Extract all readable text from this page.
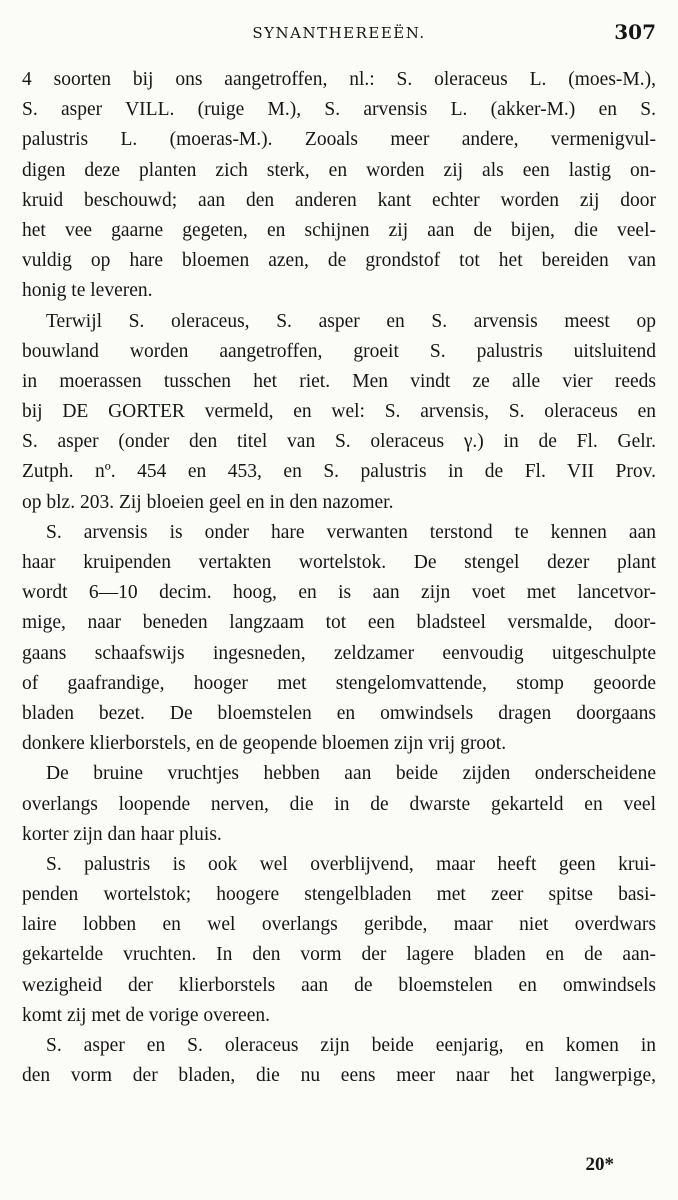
SYNANTHEREEËN.	307
4 soorten bij ons aangetroffen, nl.: S. oleraceus L. (moes-M.),
S. asper VILL. (ruige M.), S. arvensis L. (akker-M.) en S.
palustris L. (moeras-M.). Zooals meer andere, vermenigvul-
digen deze planten zich sterk, en worden zij als een lastig on-
kruid beschouwd; aan den anderen kant echter worden zij door
het vee gaarne gegeten, en schijnen zij aan de bijen, die veel-
vuldig op hare bloemen azen, de grondstof tot het bereiden van
honig te leveren.
Terwijl S. oleraceus, S. asper en S. arvensis meest op
bouwland worden aangetroffen, groeit S. palustris uitsluitend
in moerassen tusschen het riet. Men vindt ze alle vier reeds
bij DE GORTER vermeld, en wel: S. arvensis, S. oleraceus en
S. asper (onder den titel van S. oleraceus γ.) in de Fl. Gelr.
Zutph. nº. 454 en 453, en S. palustris in de Fl. VII Prov.
op blz. 203. Zij bloeien geel en in den nazomer.
S. arvensis is onder hare verwanten terstond te kennen aan
haar kruipenden vertakten wortelstok. De stengel dezer plant
wordt 6—10 decim. hoog, en is aan zijn voet met lancetvor-
mige, naar beneden langzaam tot een bladsteel versmalde, door-
gaans schaafswijs ingesneden, zeldzamer eenvoudig uitgeschulpte
of gaafrandige, hooger met stengelomvattende, stomp geoorde
bladen bezet. De bloemstelen en omwindsels dragen doorgaans
donkere klierborstels, en de geopende bloemen zijn vrij groot.
De bruine vruchtjes hebben aan beide zijden onderscheidene
overlangs loopende nerven, die in de dwarste gekarteld en veel
korter zijn dan haar pluis.
S. palustris is ook wel overblijvend, maar heeft geen krui-
penden wortelstok; hoogere stengelbladen met zeer spitse basi-
laire lobben en wel overlangs geribde, maar niet overdwars
gekartelde vruchten. In den vorm der lagere bladen en de aan-
wezigheid der klierborstels aan de bloemstelen en omwindsels
komt zij met de vorige overeen.
S. asper en S. oleraceus zijn beide eenjarig, en komen in
den vorm der bladen, die nu eens meer naar het langwerpige,
20*
